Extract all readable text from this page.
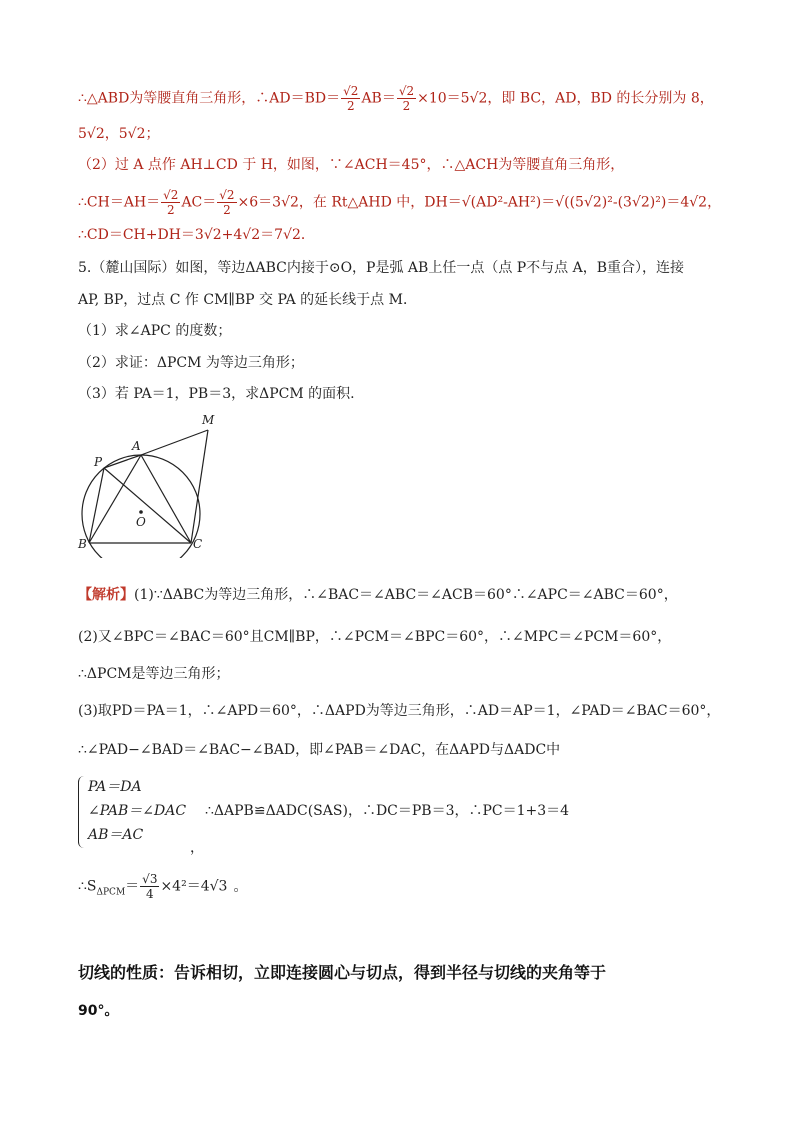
∴△ABD为等腰直角三角形，∴AD＝BD＝ $\frac{√2}{2} AB= \frac{√2}{2} \times 10=5√2$，即 BC，AD，BD 的长分别为 8，
5√2，5√2；
（2）过 A 点作 AH⊥CD 于 H，如图，∵∠ACH＝45°，∴△ACH为等腰直角三角形，
∴CH＝AH＝ $\frac{√2}{2} AC= \frac{√2}{2} \times 6=3√2$，在 Rt△AHD 中，DH＝√(AD²-AH²)＝√((5√2)²-(3√2)²)＝4√2，
∴CD＝CH+DH＝3√2+4√2＝7√2．
5.（麓山国际）如图，等边ΔABC内接于⊙O，P是弧 AB上任一点（点 P不与点 A，B重合），连接
AP, BP，过点 C 作 CM∥BP 交 PA 的延长线于点 M．
（1）求∠APC 的度数；
（2）求证：ΔPCM 为等边三角形；
（3）若 PA＝1，PB＝3，求ΔPCM 的面积.
M
A
P
O
B	C
【解析】(1)∵ΔABC为等边三角形，∴∠BAC＝∠ABC＝∠ACB＝60°∴∠APC＝∠ABC＝60°，
(2)又∠BPC＝∠BAC＝60°且CM∥BP，∴∠PCM＝∠BPC＝60°，∴∠MPC＝∠PCM＝60°，
∴ΔPCM是等边三角形；
(3)取PD＝PA＝1，∴∠APD＝60°，∴ΔAPD为等边三角形，∴AD＝AP＝1，∠PAD＝∠BAC＝60°，
∴∠PAD−∠BAD＝∠BAC−∠BAD，即∠PAB＝∠DAC，在ΔAPD与ΔADC中
PA＝DA
∠PAB＝∠DAC
AB＝AC
，
∴ΔAPB≌ΔADC(SAS)，∴DC＝PB＝3，∴PC＝1+3＝4
$\therefore S_{\Delta PCM}= \frac{√3}{4} \times 4^2=4√3$ 。
切线的性质：告诉相切，立即连接圆心与切点，得到半径与切线的夹角等于
90°。
